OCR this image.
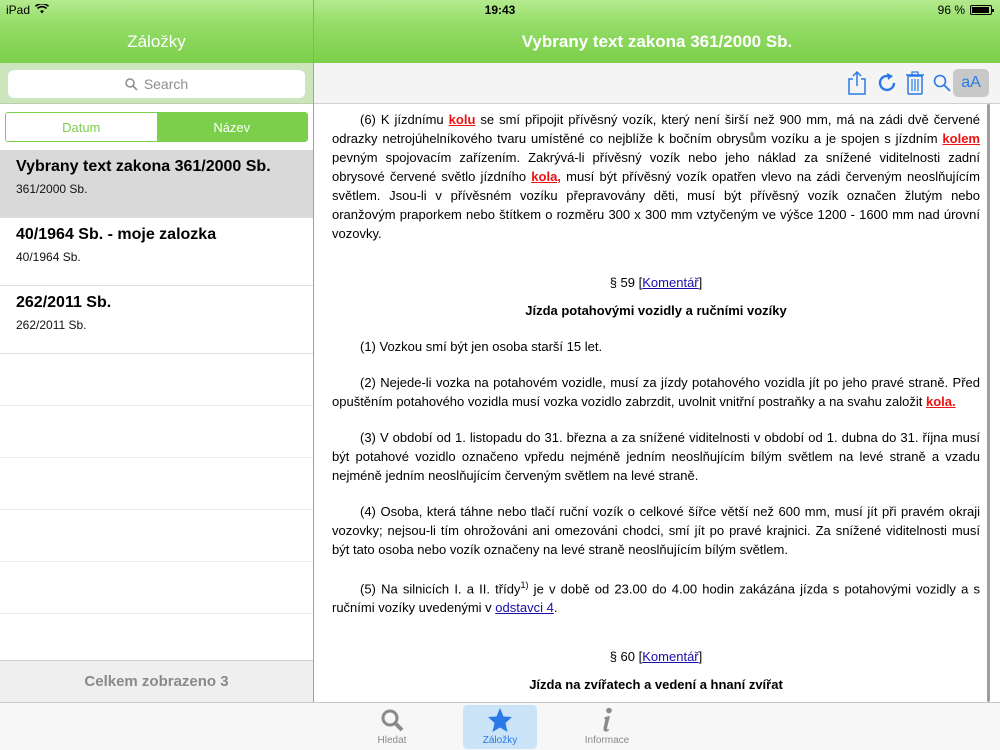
iPad	19:43	96 %
Záložky	Vybrany text zakona 361/2000 Sb.
Search
Datum	Název
Vybrany text zakona 361/2000 Sb.
361/2000 Sb.
40/1964 Sb. - moje zalozka
40/1964 Sb.
262/2011 Sb.
262/2011 Sb.
Celkem zobrazeno 3
aA

(6) K jízdnímu kolu se smí připojit přívěsný vozík, který není širší než 900 mm, má na zádi dvě červené odrazky netrojúhelníkového tvaru umístěné co nejblíže k bočním obrysům vozíku a je spojen s jízdním kolem pevným spojovacím zařízením. Zakrývá-li přívěsný vozík nebo jeho náklad za snížené viditelnosti zadní obrysové červené světlo jízdního kola, musí být přívěsný vozík opatřen vlevo na zádi červeným neoslňujícím světlem. Jsou-li v přívěsném vozíku přepravovány děti, musí být přívěsný vozík označen žlutým nebo oranžovým praporkem nebo štítkem o rozměru 300 x 300 mm vztyčeným ve výšce 1200 - 1600 mm nad úrovní vozovky.

§ 59 [Komentář]

Jízda potahovými vozidly a ručními vozíky

(1) Vozkou smí být jen osoba starší 15 let.

(2) Nejede-li vozka na potahovém vozidle, musí za jízdy potahového vozidla jít po jeho pravé straně. Před opuštěním potahového vozidla musí vozka vozidlo zabrzdit, uvolnit vnitřní postraňky a na svahu založit kola.

(3) V období od 1. listopadu do 31. března a za snížené viditelnosti v období od 1. dubna do 31. října musí být potahové vozidlo označeno vpředu nejméně jedním neoslňujícím bílým světlem na levé straně a vzadu nejméně jedním neoslňujícím červeným světlem na levé straně.

(4) Osoba, která táhne nebo tlačí ruční vozík o celkové šířce větší než 600 mm, musí jít při pravém okraji vozovky; nejsou-li tím ohrožováni ani omezováni chodci, smí jít po pravé krajnici. Za snížené viditelnosti musí být tato osoba nebo vozík označeny na levé straně neoslňujícím bílým světlem.

(5) Na silnicích I. a II. třídy$^{1)}$ je v době od 23.00 do 4.00 hodin zakázána jízda s potahovými vozidly a s ručními vozíky uvedenými v odstavci 4.

§ 60 [Komentář]

Jízda na zvířatech a vedení a hnaní zvířat

Hledat	Záložky	Informace
